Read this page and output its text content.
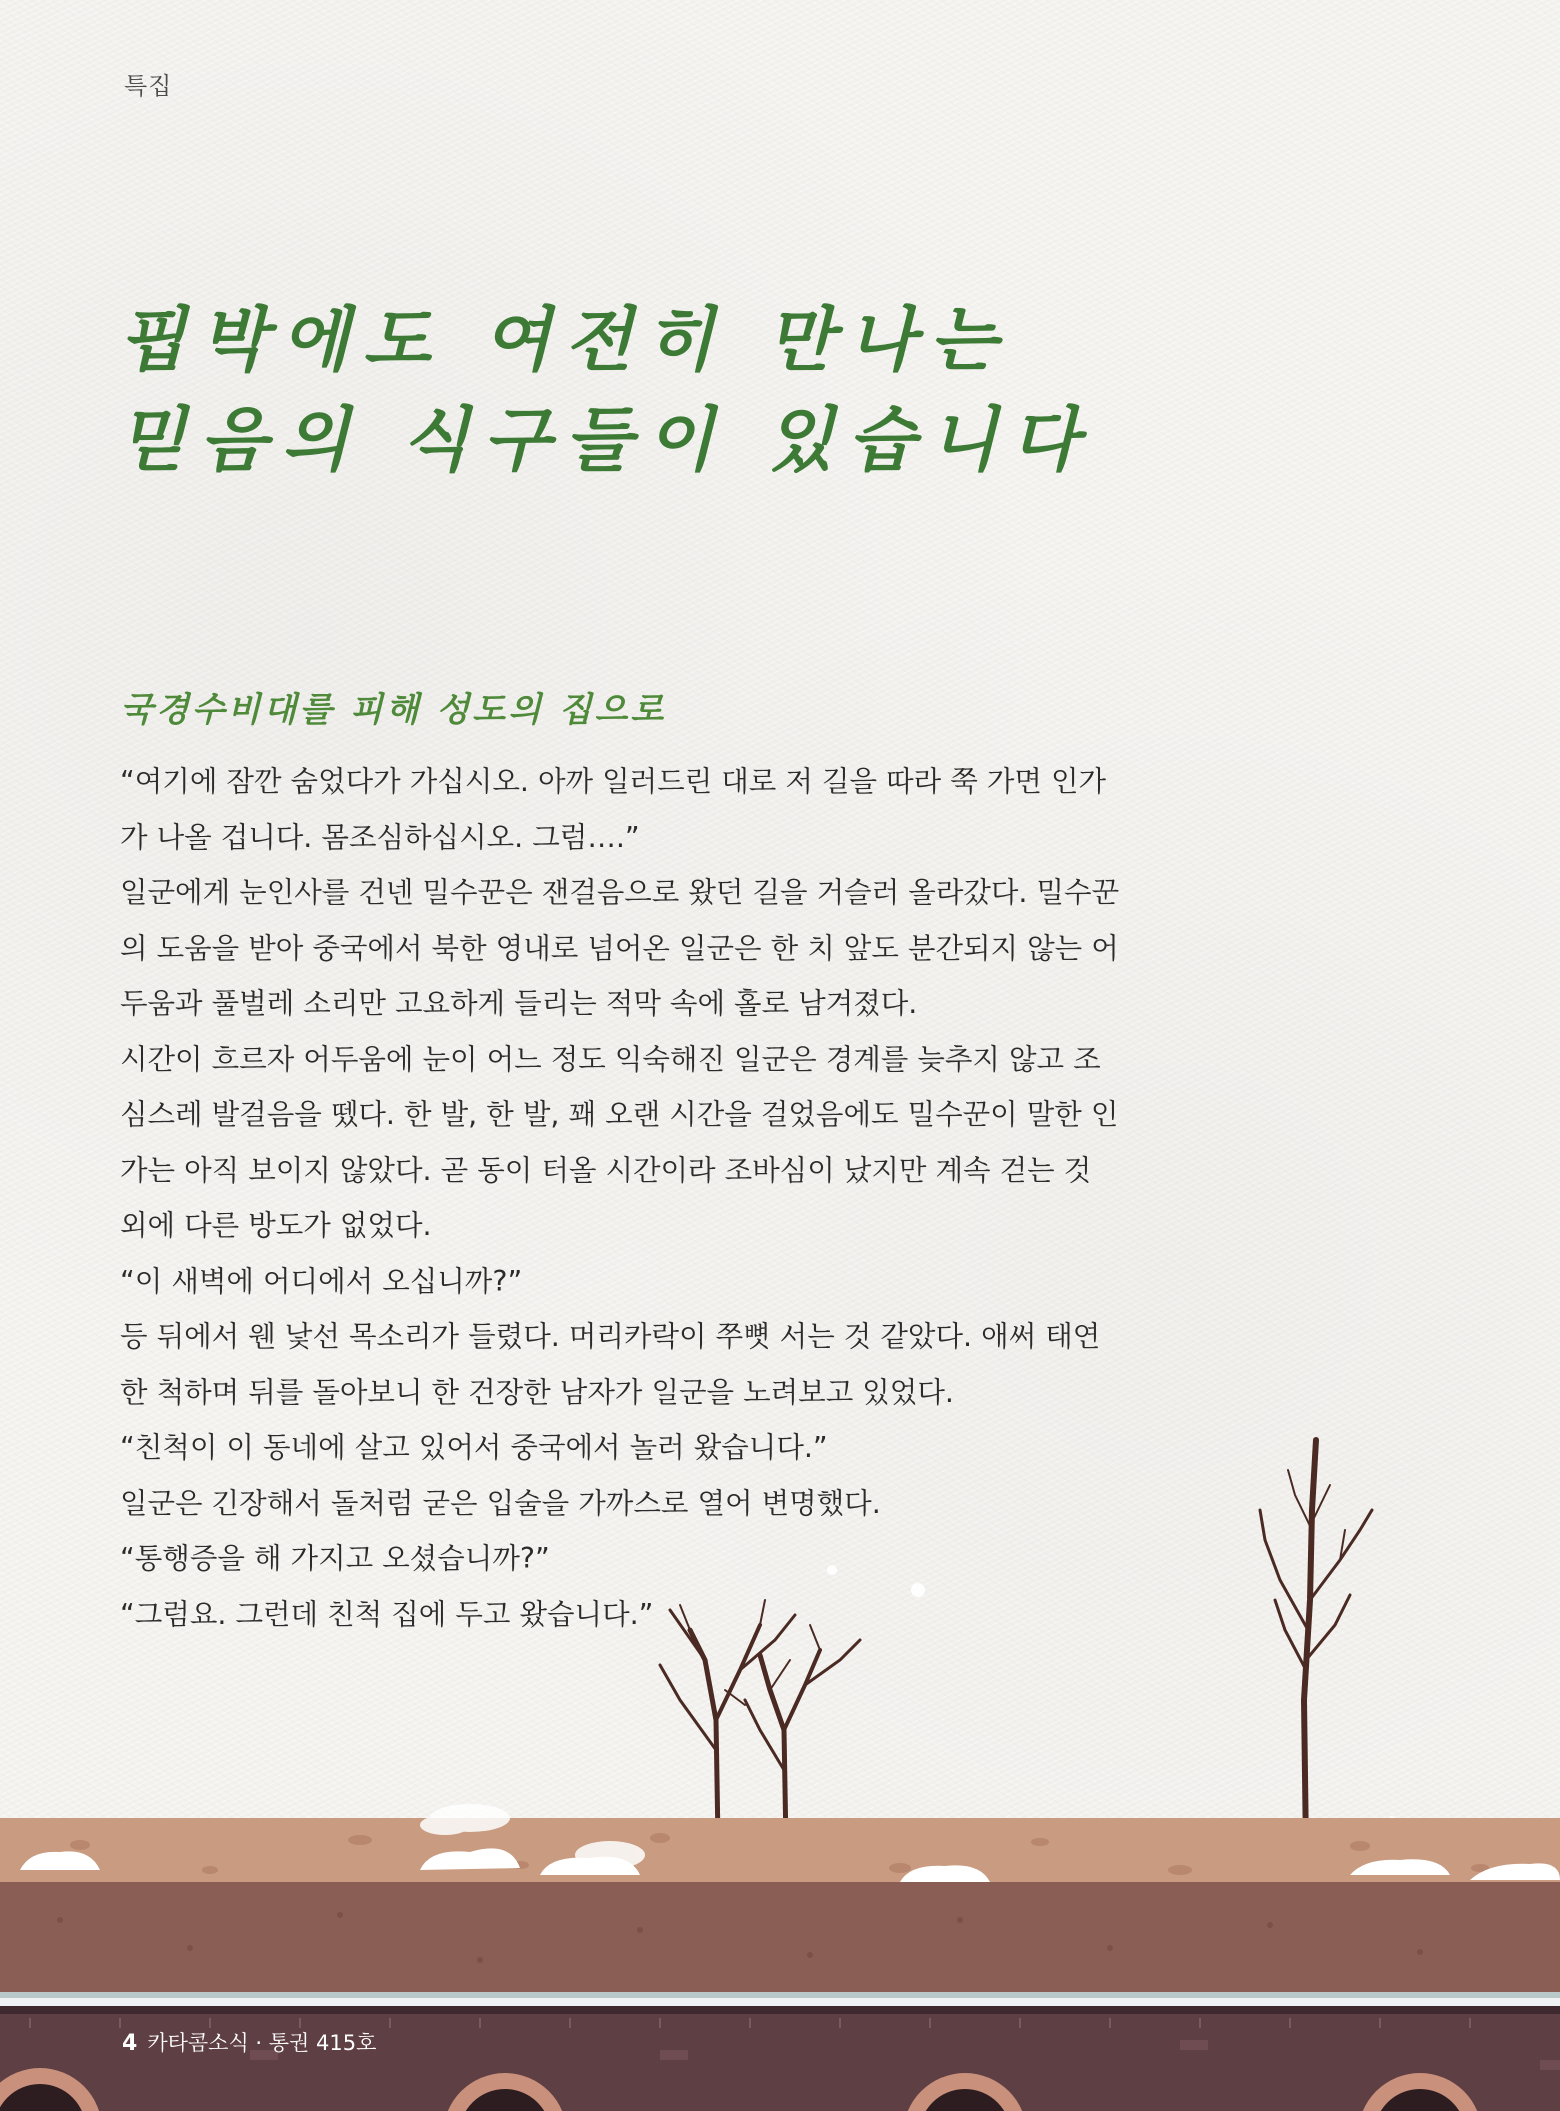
특집
핍박에도 여전히 만나는
믿음의 식구들이 있습니다
국경수비대를 피해 성도의 집으로

“여기에 잠깐 숨었다가 가십시오. 아까 일러드린 대로 저 길을 따라 쭉 가면 인가가 나올 겁니다. 몸조심하십시오. 그럼….”

일군에게 눈인사를 건넨 밀수꾼은 잰걸음으로 왔던 길을 거슬러 올라갔다. 밀수꾼의 도움을 받아 중국에서 북한 영내로 넘어온 일군은 한 치 앞도 분간되지 않는 어두움과 풀벌레 소리만 고요하게 들리는 적막 속에 홀로 남겨졌다.

시간이 흐르자 어두움에 눈이 어느 정도 익숙해진 일군은 경계를 늦추지 않고 조심스레 발걸음을 뗐다. 한 발, 한 발, 꽤 오랜 시간을 걸었음에도 밀수꾼이 말한 인가는 아직 보이지 않았다. 곧 동이 터올 시간이라 조바심이 났지만 계속 걷는 것 외에 다른 방도가 없었다.

“이 새벽에 어디에서 오십니까?”

등 뒤에서 웬 낯선 목소리가 들렸다. 머리카락이 쭈뼛 서는 것 같았다. 애써 태연한 척하며 뒤를 돌아보니 한 건장한 남자가 일군을 노려보고 있었다.

“친척이 이 동네에 살고 있어서 중국에서 놀러 왔습니다.”

일군은 긴장해서 돌처럼 굳은 입술을 가까스로 열어 변명했다.

“통행증을 해 가지고 오셨습니까?”

“그럼요. 그런데 친척 집에 두고 왔습니다.”

4 카타콤소식 · 통권 415호
